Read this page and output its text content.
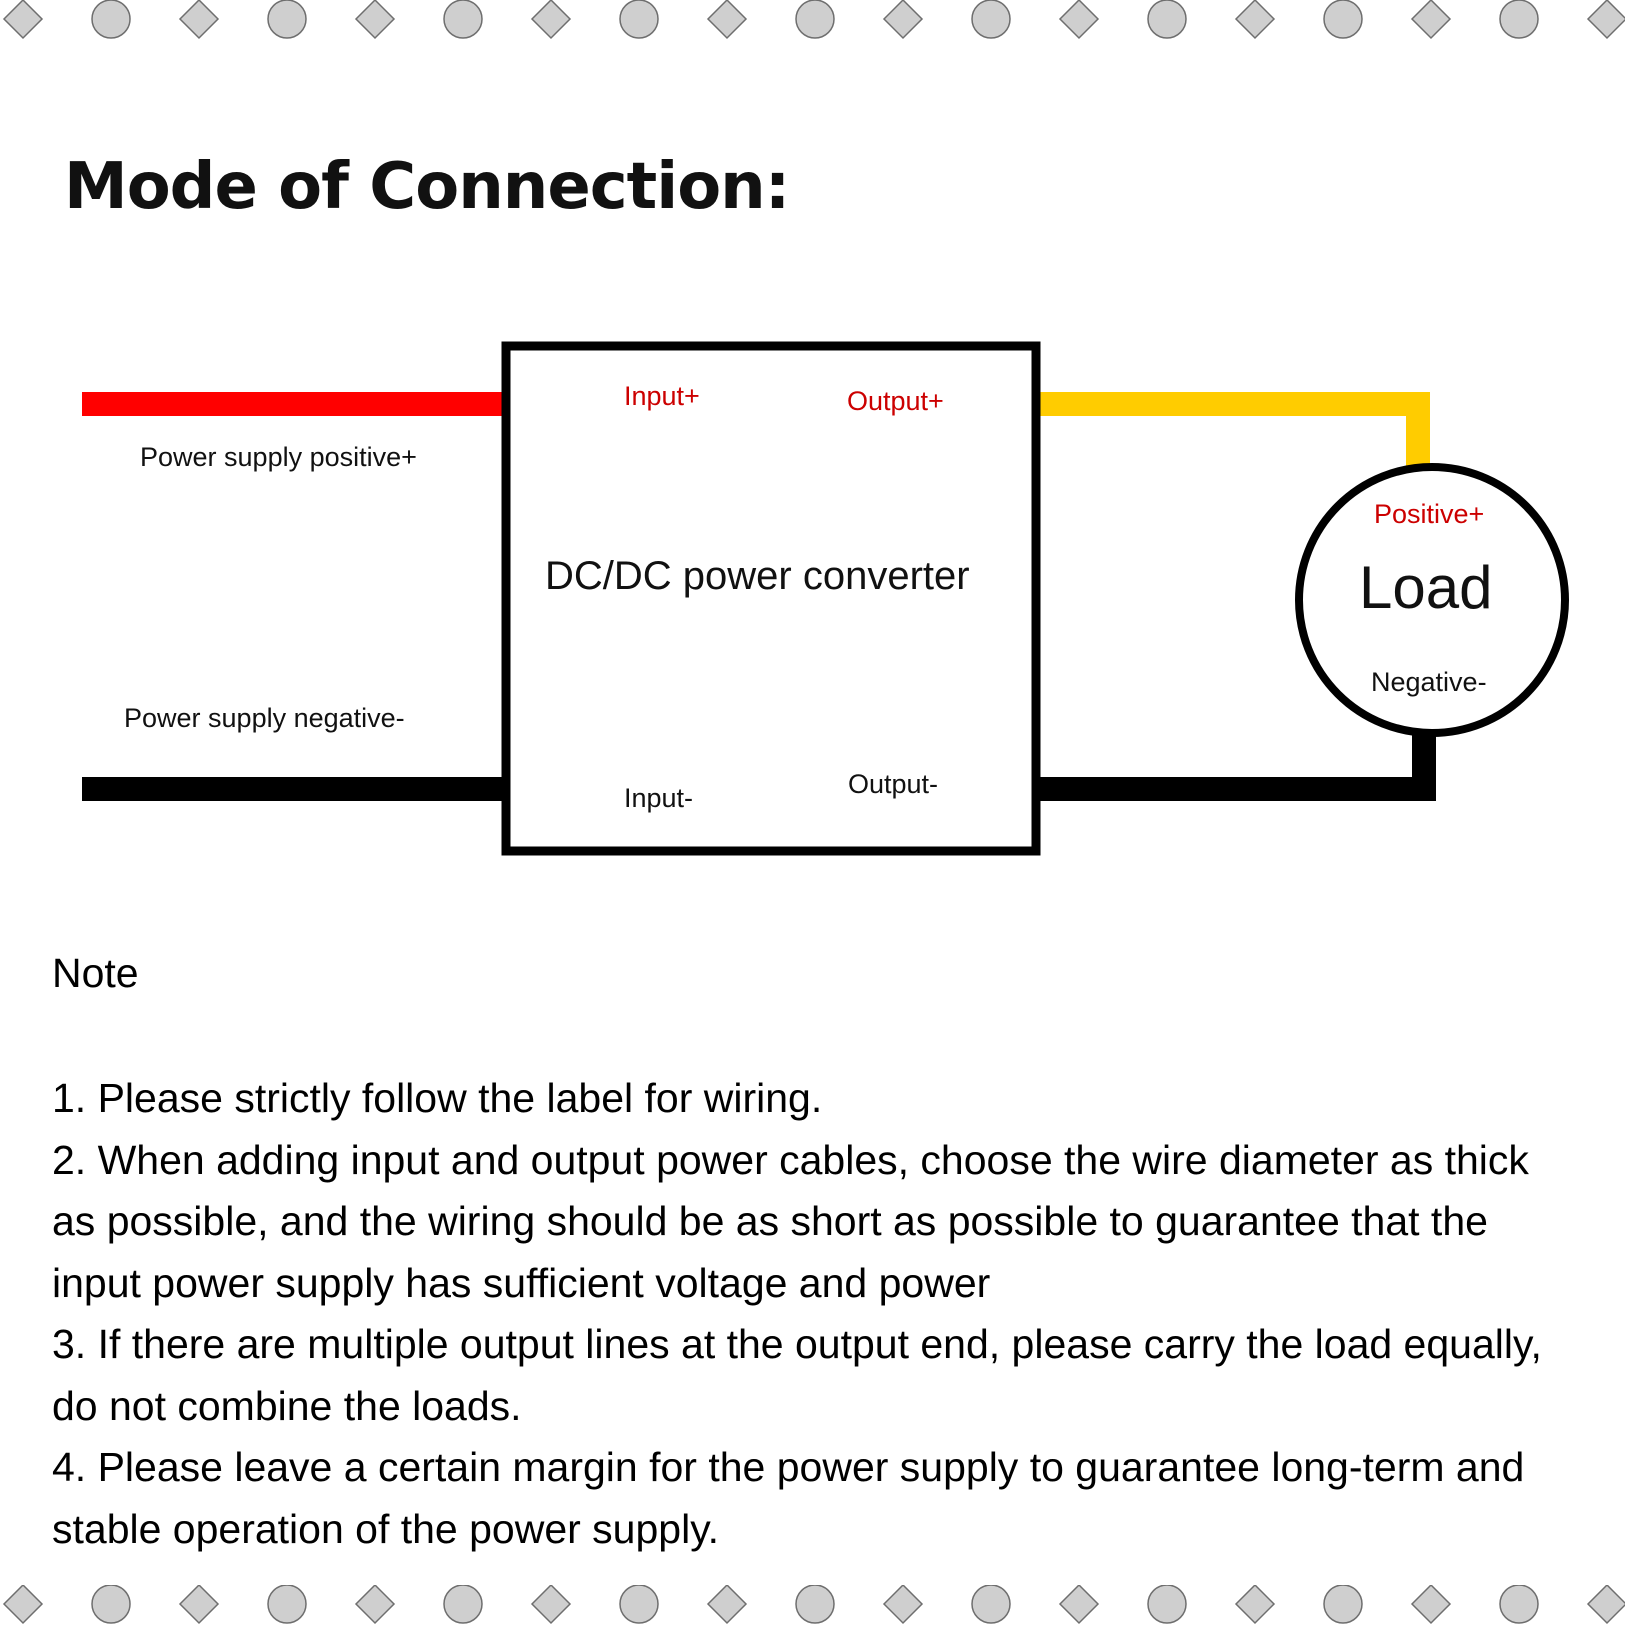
Mode of Connection:
Input+	Output+
Input-	Output-
DC/DC power converter
Power supply positive+
Power supply negative-
Positive+
Load
Negative-
Note
1. Please strictly follow the label for wiring.
2. When adding input and output power cables, choose the wire diameter as thick as possible, and the wiring should be as short as possible to guarantee that the input power supply has sufficient voltage and power
3. If there are multiple output lines at the output end, please carry the load equally, do not combine the loads.
4. Please leave a certain margin for the power supply to guarantee long-term and stable operation of the power supply.
